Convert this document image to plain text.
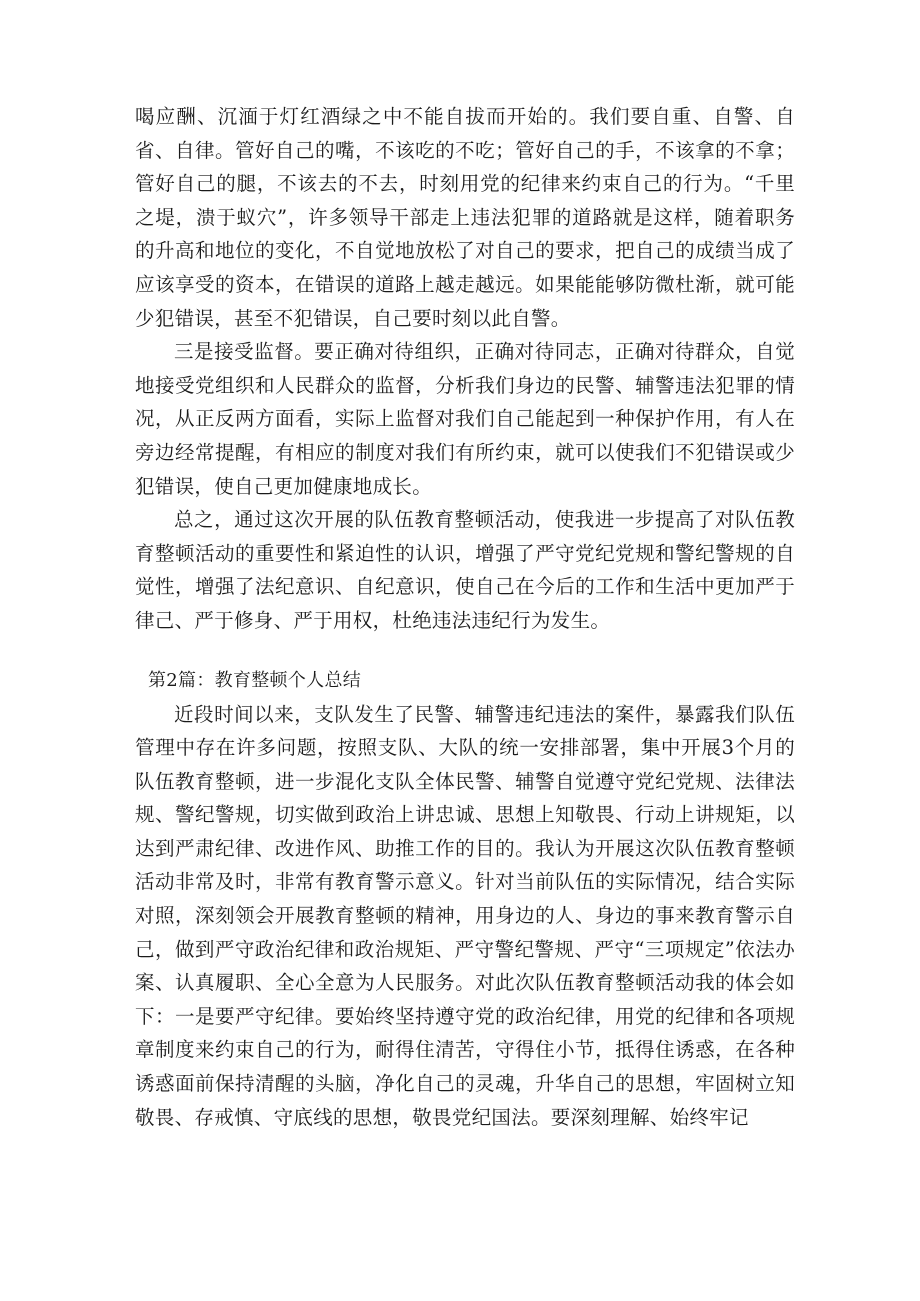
喝应酬、沉湎于灯红酒绿之中不能自拔而开始的。我们要自重、自警、自省、自律。管好自己的嘴，不该吃的不吃；管好自己的手，不该拿的不拿；管好自己的腿，不该去的不去，时刻用党的纪律来约束自己的行为。“千里之堤，溃于蚁穴”，许多领导干部走上违法犯罪的道路就是这样，随着职务的升高和地位的变化，不自觉地放松了对自己的要求，把自己的成绩当成了应该享受的资本，在错误的道路上越走越远。如果能能够防微杜渐，就可能少犯错误，甚至不犯错误，自己要时刻以此自警。

三是接受监督。要正确对待组织，正确对待同志，正确对待群众，自觉地接受党组织和人民群众的监督，分析我们身边的民警、辅警违法犯罪的情况，从正反两方面看，实际上监督对我们自己能起到一种保护作用，有人在旁边经常提醒，有相应的制度对我们有所约束，就可以使我们不犯错误或少犯错误，使自己更加健康地成长。

总之，通过这次开展的队伍教育整顿活动，使我进一步提高了对队伍教育整顿活动的重要性和紧迫性的认识，增强了严守党纪党规和警纪警规的自觉性，增强了法纪意识、自纪意识，使自己在今后的工作和生活中更加严于律己、严于修身、严于用权，杜绝违法违纪行为发生。

第2篇：教育整顿个人总结

近段时间以来，支队发生了民警、辅警违纪违法的案件，暴露我们队伍管理中存在许多问题，按照支队、大队的统一安排部署，集中开展3个月的队伍教育整顿，进一步混化支队全体民警、辅警自觉遵守党纪党规、法律法规、警纪警规，切实做到政治上讲忠诚、思想上知敬畏、行动上讲规矩，以达到严肃纪律、改进作风、助推工作的目的。我认为开展这次队伍教育整顿活动非常及时，非常有教育警示意义。针对当前队伍的实际情况，结合实际对照，深刻领会开展教育整顿的精神，用身边的人、身边的事来教育警示自己，做到严守政治纪律和政治规矩、严守警纪警规、严守“三项规定”依法办案、认真履职、全心全意为人民服务。对此次队伍教育整顿活动我的体会如下：一是要严守纪律。要始终坚持遵守党的政治纪律，用党的纪律和各项规章制度来约束自己的行为，耐得住清苦，守得住小节，抵得住诱惑，在各种诱惑面前保持清醒的头脑，净化自己的灵魂，升华自己的思想，牢固树立知敬畏、存戒慎、守底线的思想，敬畏党纪国法。要深刻理解、始终牢记
